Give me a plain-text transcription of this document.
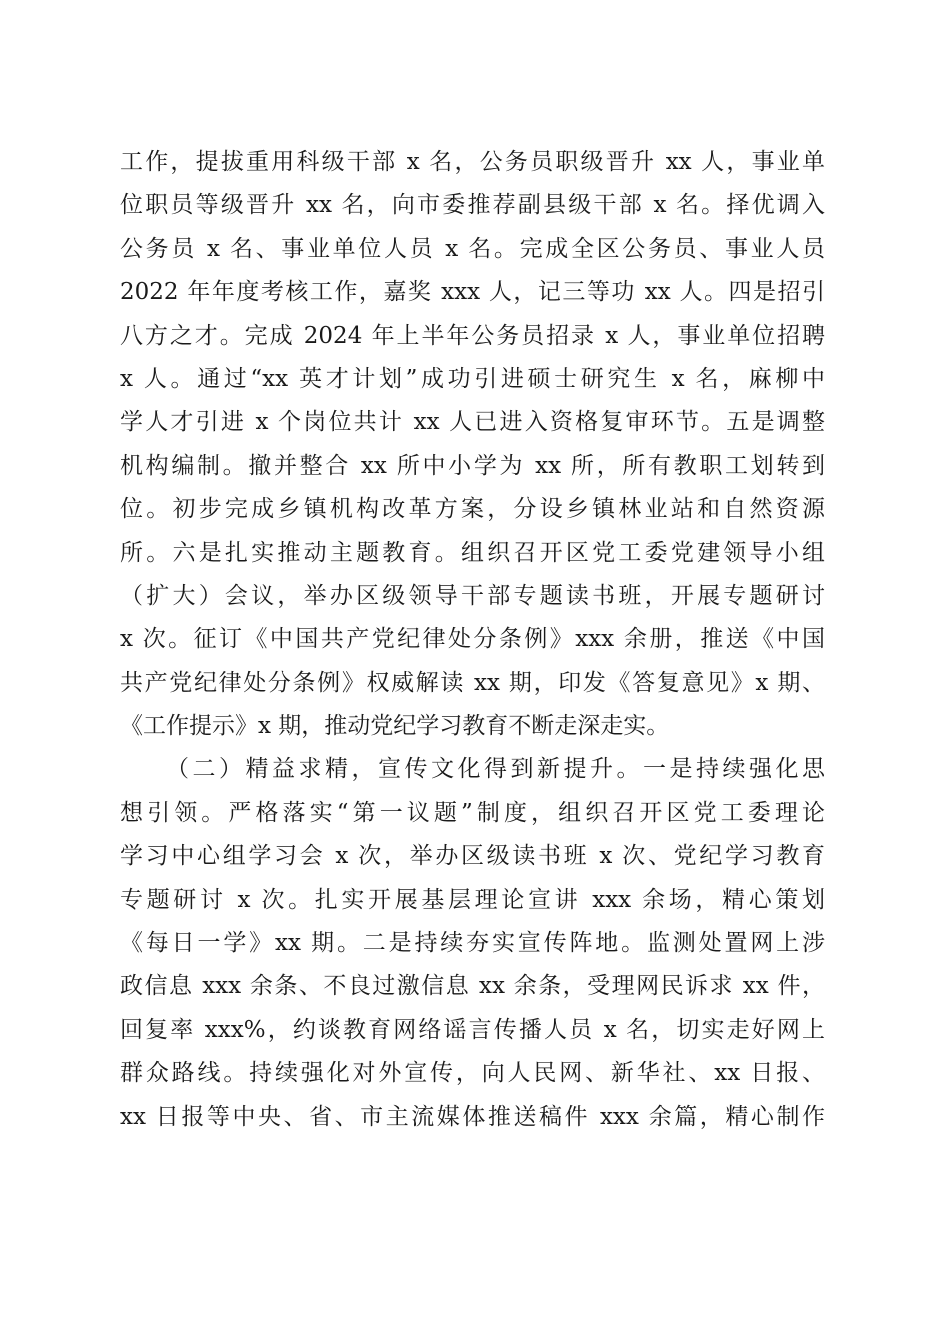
工作，提拔重用科级干部 x 名，公务员职级晋升 xx 人，事业单
位职员等级晋升 xx 名，向市委推荐副县级干部 x 名。择优调入
公务员 x 名、事业单位人员 x 名。完成全区公务员、事业人员
2022 年年度考核工作，嘉奖 xxx 人，记三等功 xx 人。四是招引
八方之才。完成 2024 年上半年公务员招录 x 人，事业单位招聘
x 人。通过“xx 英才计划”成功引进硕士研究生 x 名，麻柳中
学人才引进 x 个岗位共计 xx 人已进入资格复审环节。五是调整
机构编制。撤并整合 xx 所中小学为 xx 所，所有教职工划转到
位。初步完成乡镇机构改革方案，分设乡镇林业站和自然资源
所。六是扎实推动主题教育。组织召开区党工委党建领导小组
（扩大）会议，举办区级领导干部专题读书班，开展专题研讨
x 次。征订《中国共产党纪律处分条例》xxx 余册，推送《中国
共产党纪律处分条例》权威解读 xx 期，印发《答复意见》x 期、
《工作提示》x 期，推动党纪学习教育不断走深走实。
（二）精益求精，宣传文化得到新提升。一是持续强化思
想引领。严格落实“第一议题”制度，组织召开区党工委理论
学习中心组学习会 x 次，举办区级读书班 x 次、党纪学习教育
专题研讨 x 次。扎实开展基层理论宣讲 xxx 余场，精心策划
《每日一学》xx 期。二是持续夯实宣传阵地。监测处置网上涉
政信息 xxx 余条、不良过激信息 xx 余条，受理网民诉求 xx 件，
回复率 xxx%，约谈教育网络谣言传播人员 x 名，切实走好网上
群众路线。持续强化对外宣传，向人民网、新华社、xx 日报、
xx 日报等中央、省、市主流媒体推送稿件 xxx 余篇，精心制作
